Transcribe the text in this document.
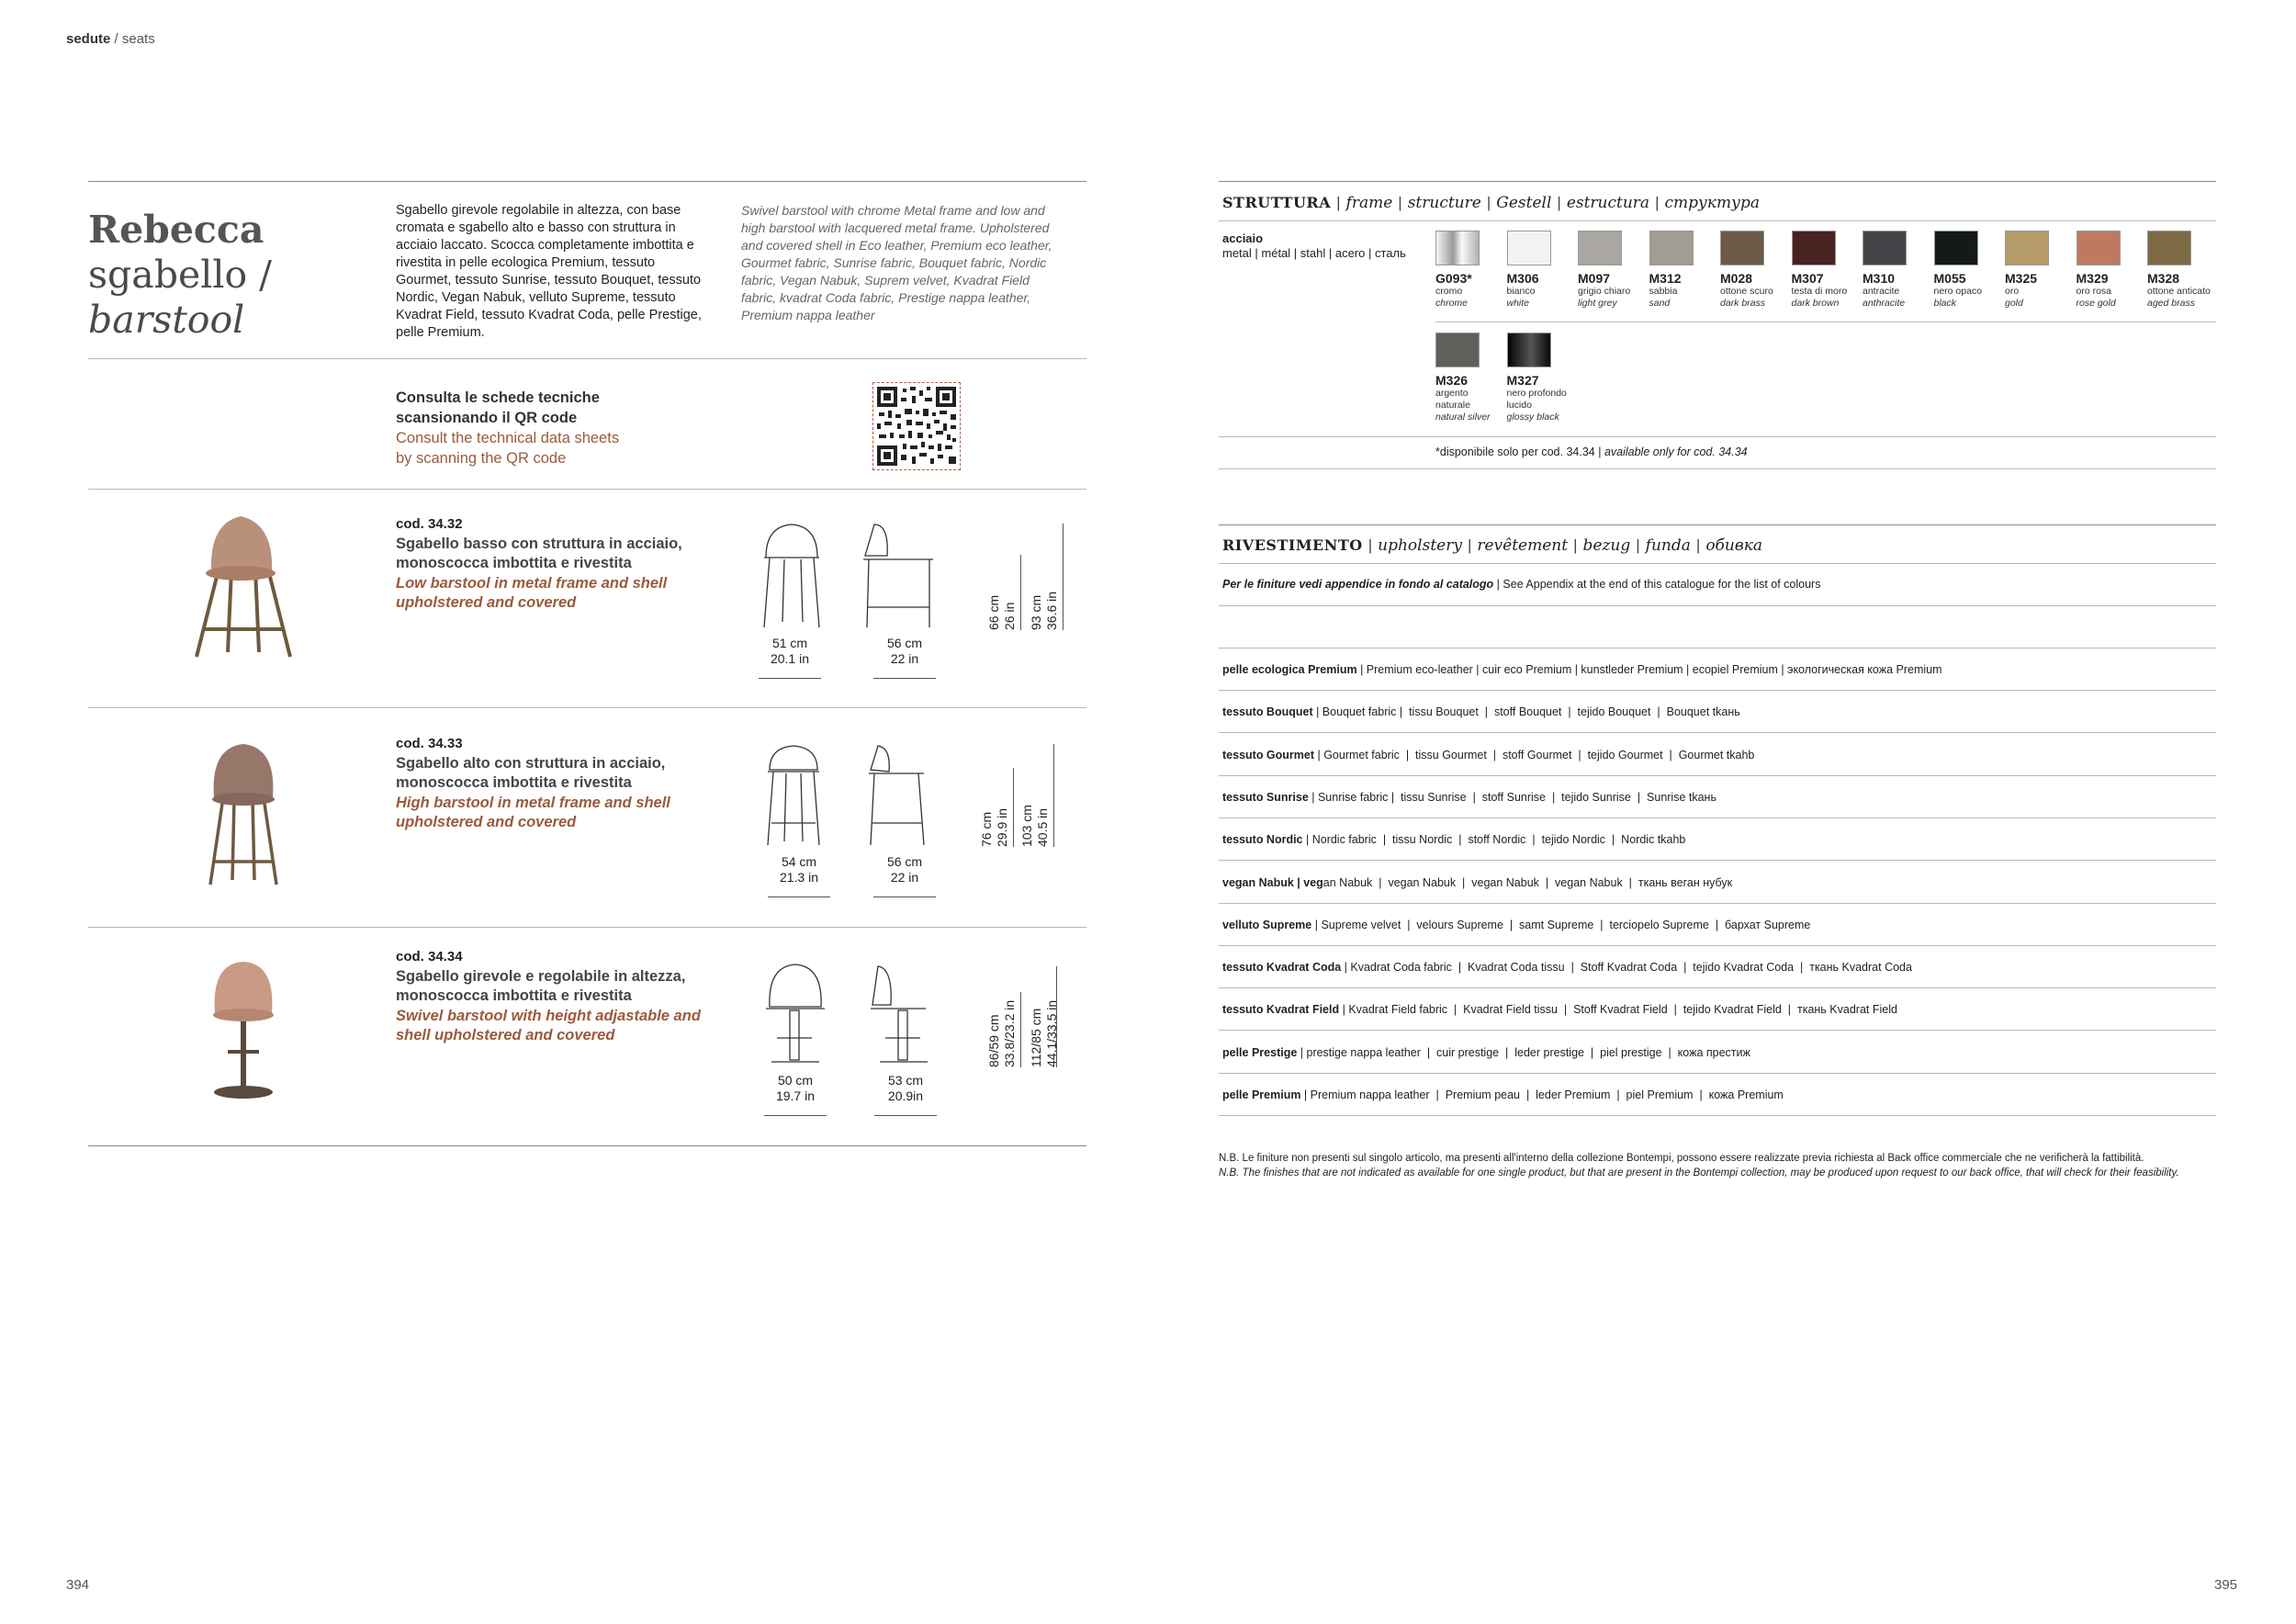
sedute / seats
Rebecca
sgabello /
barstool
Sgabello girevole regolabile in altezza, con base cromata e sgabello alto e basso con struttura in acciaio laccato. Scocca completamente imbottita e rivestita in pelle ecologica Premium, tessuto Gourmet, tessuto Sunrise, tessuto Bouquet, tessuto Nordic, Vegan Nabuk, velluto Supreme, tessuto Kvadrat Field, tessuto Kvadrat Coda, pelle Prestige, pelle Premium.
Swivel barstool with chrome Metal frame and low and high barstool with lacquered metal frame. Upholstered and covered shell in Eco leather, Premium eco leather, Gourmet fabric, Sunrise fabric, Bouquet fabric, Nordic fabric, Vegan Nabuk, Suprem velvet, Kvadrat Field fabric, kvadrat Coda fabric, Prestige nappa leather, Premium nappa leather
Consulta le schede tecniche
scansionando il QR code
Consult the technical data sheets
by scanning the QR code
cod. 34.32
Sgabello basso con struttura in acciaio,
monoscocca imbottita e rivestita
Low barstool in metal frame and shell
upholstered and covered
51 cm
20.1 in
56 cm
22 in
66 cm 26 in 93 cm 36.6 in
cod. 34.33
Sgabello alto con struttura in acciaio,
monoscocca imbottita e rivestita
High barstool in metal frame and shell
upholstered and covered
54 cm
21.3 in
56 cm
22 in
76 cm 29.9 in 103 cm 40.5 in
cod. 34.34
Sgabello girevole e regolabile in altezza,
monoscocca imbottita e rivestita
Swivel barstool with height adjastable and
shell upholstered and covered
50 cm
19.7 in
53 cm
20.9in
86/59 cm 33.8/23.2 in 112/85 cm 44.1/33.5 in
STRUTTURA | frame | structure | Gestell | estructura | структура
acciaio
metal | métal | stahl | acero | сталь
G093*
cromo
chrome
M306
bianco
white
M097
grigio chiaro
light grey
M312
sabbia
sand
M028
ottone scuro
dark brass
M307
testa di moro
dark brown
M310
antracite
anthracite
M055
nero opaco
black
M325
oro
gold
M329
oro rosa
rose gold
M328
ottone anticato
aged brass
M326
argento
naturale
natural silver
M327
nero profondo
lucido
glossy black
*disponibile solo per cod. 34.34 | available only for cod. 34.34
RIVESTIMENTO | upholstery | revêtement | bezug | funda | обивка
Per le finiture vedi appendice in fondo al catalogo | See Appendix at the end of this catalogue for the list of colours
pelle ecologica Premium | Premium eco-leather | cuir eco Premium | kunstleder Premium | ecopiel Premium | экологическая кожа Premium
tessuto Bouquet | Bouquet fabric |  tissu Bouquet  |  stoff Bouquet  |  tejido Bouquet  |  Bouquet tkaнь
tessuto Gourmet | Gourmet fabric  |  tissu Gourmet  |  stoff Gourmet  |  tejido Gourmet  |  Gourmet tkahb
tessuto Sunrise | Sunrise fabric |  tissu Sunrise  |  stoff Sunrise  |  tejido Sunrise  |  Sunrise tkaнь
tessuto Nordic | Nordic fabric  |  tissu Nordic  |  stoff Nordic  |  tejido Nordic  |  Nordic tkahb
vegan Nabuk | vegan Nabuk  |  vegan Nabuk  |  vegan Nabuk  |  vegan Nabuk  |  ткань веган нубук
velluto Supreme | Supreme velvet  |  velours Supreme  |  samt Supreme  |  terciopelo Supreme  |  бархат Supreme
tessuto Kvadrat Coda | Kvadrat Coda fabric  |  Kvadrat Coda tissu  |  Stoff Kvadrat Coda  |  tejido Kvadrat Coda  |  ткань Kvadrat Coda
tessuto Kvadrat Field | Kvadrat Field fabric  |  Kvadrat Field tissu  |  Stoff Kvadrat Field  |  tejido Kvadrat Field  |  ткань Kvadrat Field
pelle Prestige | prestige nappa leather  |  cuir prestige  |  leder prestige  |  piel prestige  |  кожа престиж
pelle Premium | Premium nappa leather  |  Premium peau  |  leder Premium  |  piel Premium  |  кожа Premium
N.B. Le finiture non presenti sul singolo articolo, ma presenti all'interno della collezione Bontempi, possono essere realizzate previa richiesta al Back office commerciale che ne verificherà la fattibilità.
N.B. The finishes that are not indicated as available for one single product, but that are present in the Bontempi collection, may be produced upon request to our back office, that will check for their feasibility.
394	395
